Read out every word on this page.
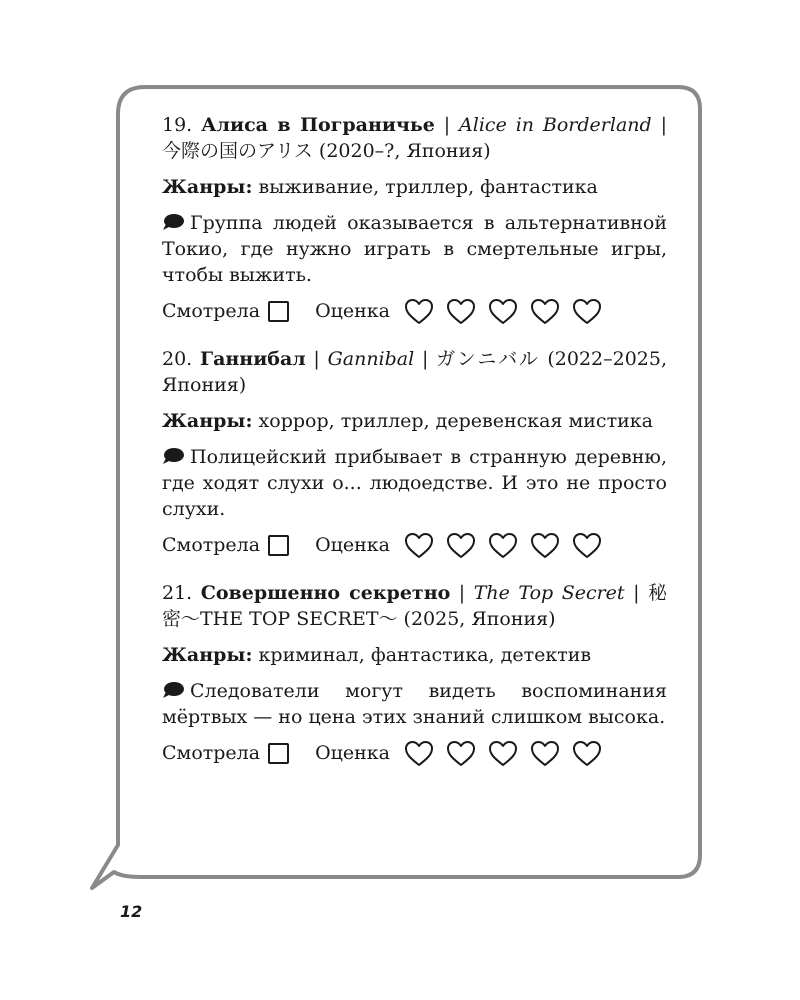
19. Алиса в Пограничье | Alice in Borderland | 今際の国のアリス (2020–?, Япония)

Жанры: выживание, триллер, фантастика

Группа людей оказывается в альтернативной Токио, где нужно играть в смертельные игры, чтобы выжить.

Смотрела	Оценка

20. Ганнибал | Gannibal | ガンニバル (2022–2025, Япония)

Жанры: хоррор, триллер, деревенская мистика

Полицейский прибывает в странную деревню, где ходят слухи о... людоедстве. И это не просто слухи.

Смотрела	Оценка

21. Совершенно секретно | The Top Secret | 秘密〜THE TOP SECRET〜 (2025, Япония)

Жанры: криминал, фантастика, детектив

Следователи могут видеть воспоминания мёртвых — но цена этих знаний слишком высока.

Смотрела	Оценка
12
